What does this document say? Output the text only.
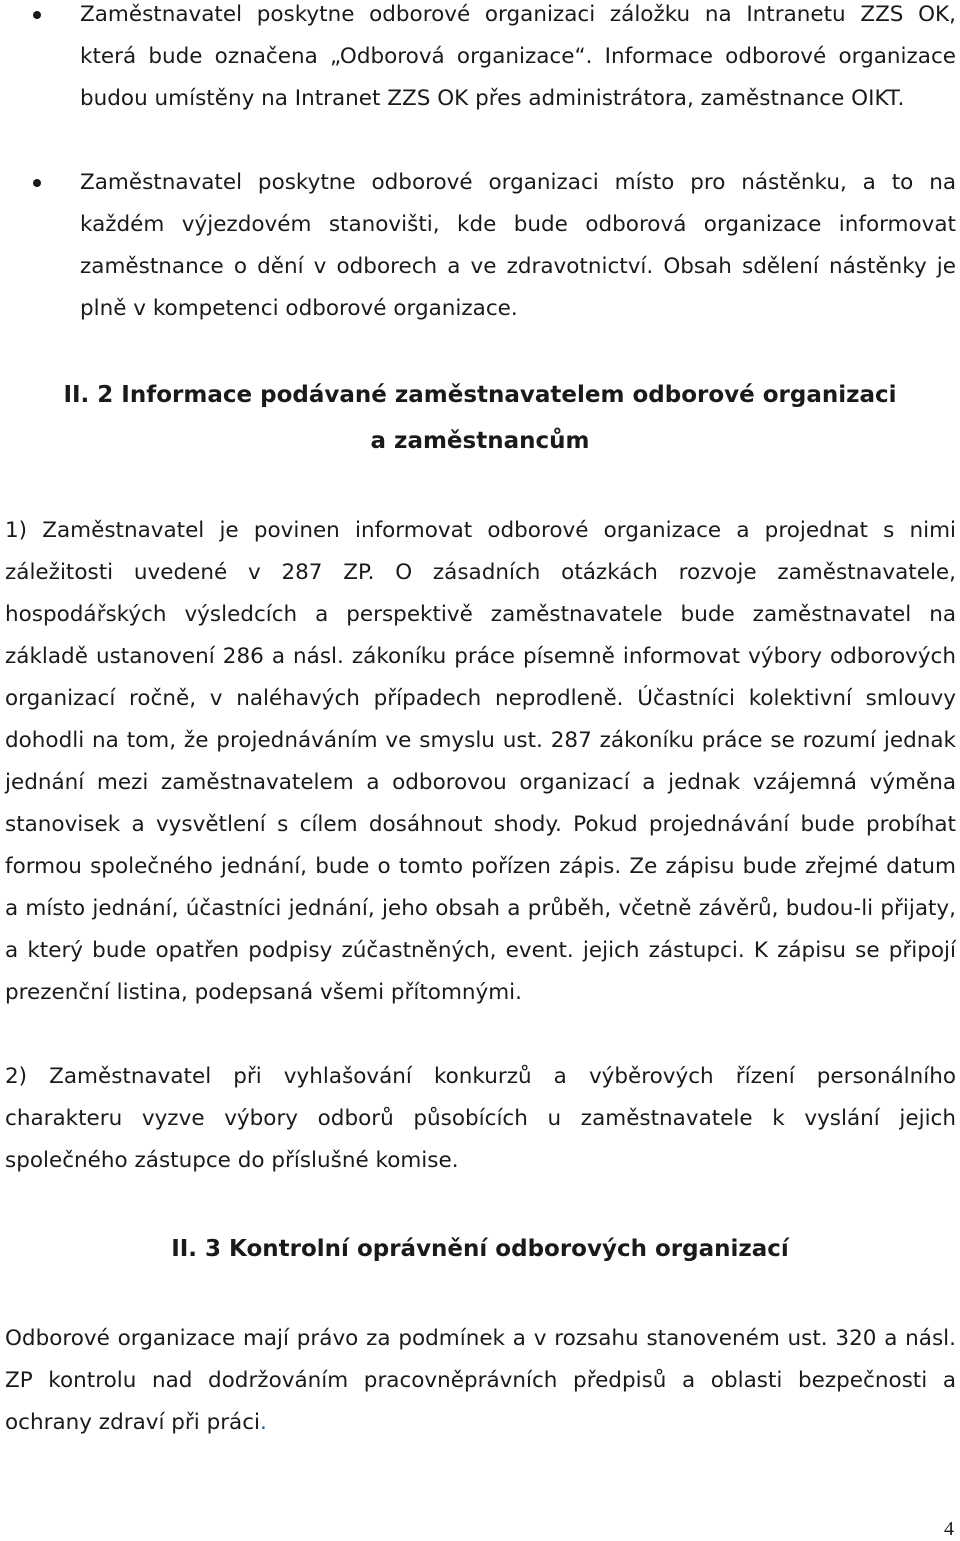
Zaměstnavatel poskytne odborové organizaci záložku na Intranetu ZZS OK, která bude označena „Odborová organizace“. Informace odborové organizace budou umístěny na Intranet ZZS OK přes administrátora, zaměstnance OIKT.
Zaměstnavatel poskytne odborové organizaci místo pro nástěnku, a to na každém výjezdovém stanovišti, kde bude odborová organizace informovat zaměstnance o dění v odborech a ve zdravotnictví. Obsah sdělení nástěnky je plně v kompetenci odborové organizace.
II. 2 Informace podávané zaměstnavatelem odborové organizaci
a zaměstnancům

1) Zaměstnavatel je povinen informovat odborové organizace a projednat s nimi záležitosti uvedené v 287 ZP. O zásadních otázkách rozvoje zaměstnavatele, hospodářských výsledcích a perspektivě zaměstnavatele bude zaměstnavatel na základě ustanovení 286 a násl. zákoníku práce písemně informovat výbory odborových organizací ročně, v naléhavých případech neprodleně. Účastníci kolektivní smlouvy dohodli na tom, že projednáváním ve smyslu ust. 287 zákoníku práce se rozumí jednak jednání mezi zaměstnavatelem a odborovou organizací a jednak vzájemná výměna stanovisek a vysvětlení s cílem dosáhnout shody. Pokud projednávání bude probíhat formou společného jednání, bude o tomto pořízen zápis. Ze zápisu bude zřejmé datum a místo jednání, účastníci jednání, jeho obsah a průběh, včetně závěrů, budou-li přijaty, a který bude opatřen podpisy zúčastněných, event. jejich zástupci. K zápisu se připojí prezenční listina, podepsaná všemi přítomnými.

2) Zaměstnavatel při vyhlašování konkurzů a výběrových řízení personálního charakteru vyzve výbory odborů působících u zaměstnavatele k vyslání jejich společného zástupce do příslušné komise.

II. 3 Kontrolní oprávnění odborových organizací

Odborové organizace mají právo za podmínek a v rozsahu stanoveném ust. 320 a násl. ZP kontrolu nad dodržováním pracovněprávních předpisů a oblasti bezpečnosti a ochrany zdraví při práci.

4
